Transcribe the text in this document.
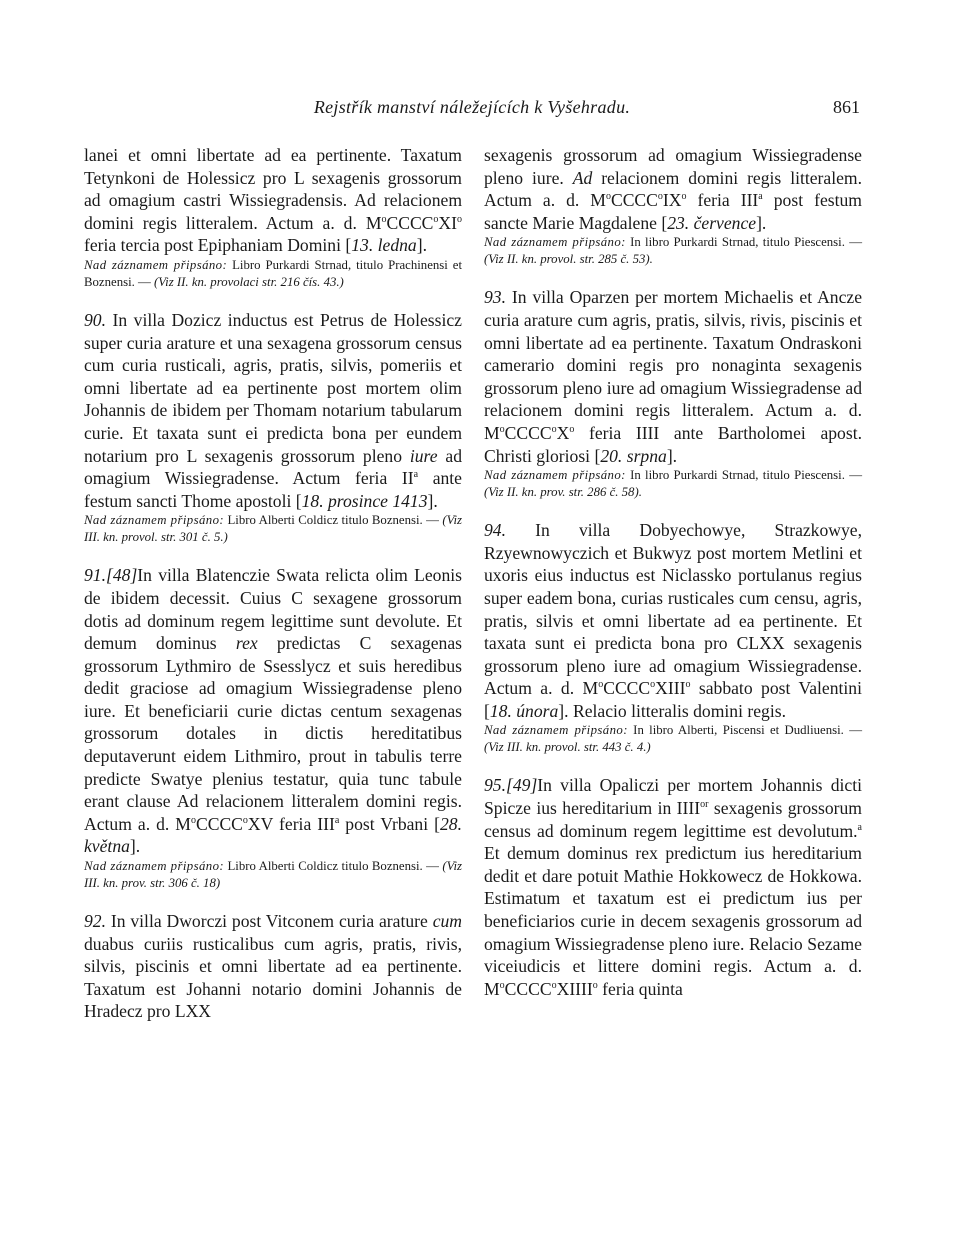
Rejstřík manství náležejících k Vyšehradu.	861

lanei et omni libertate ad ea pertinente. Taxatum Tetynkoni de Holessicz pro L sexagenis grossorum ad omagium castri Wissiegradensis. Ad relacionem domini regis litteralem. Actum a. d. $M^oCCCC^oXI^o$ feria tercia post Epiphaniam Domini [13. ledna].

Nad záznamem připsáno: Libro Purkardi Strnad, titulo Prachinensi et Boznensi. — (Viz II. kn. provolaci str. 216 čís. 43.)

90. In villa Dozicz inductus est Petrus de Holessicz super curia arature et una sexagena grossorum census cum curia rusticali, agris, pratis, silvis, pomeriis et omni libertate ad ea pertinente post mortem olim Johannis de ibidem per Thomam notarium tabularum curie. Et taxata sunt ei predicta bona per eundem notarium pro L sexagenis grossorum pleno iure ad omagium Wissiegradense. Actum feria $II^a$ ante festum sancti Thome apostoli [18. prosince 1413].

Nad záznamem připsáno: Libro Alberti Coldicz titulo Boznensi. — (Viz III. kn. provol. str. 301 č. 5.)

91.[48]In villa Blatenczie Swata relicta olim Leonis de ibidem decessit. Cuius C sexagene grossorum dotis ad dominum regem legittime sunt devolute. Et demum dominus rex predictas C sexagenas grossorum Lythmiro de Ssesslycz et suis heredibus dedit graciose ad omagium Wissiegradense pleno iure. Et beneficiarii curie dictas centum sexagenas grossorum dotales in dictis hereditatibus deputaverunt eidem Lithmiro, prout in tabulis terre predicte Swatye plenius testatur, quia tunc tabule erant clause Ad relacionem litteralem domini regis. Actum a. d. $M^oCCCC^oXV$ feria III$^a$ post Vrbani [28. května].

Nad záznamem připsáno: Libro Alberti Coldicz titulo Boznensi. — (Viz III. kn. prov. str. 306 č. 18)

92. In villa Dworczi post Vitconem curia arature cum duabus curiis rusticalibus cum agris, pratis, rivis, silvis, piscinis et omni libertate ad ea pertinente. Taxatum est Johanni notario domini Johannis de Hradecz pro LXX

sexagenis grossorum ad omagium Wissiegradense pleno iure. Ad relacionem domini regis litteralem. Actum a. d. $M^oCCCC^oIX^o$ feria III$^a$ post festum sancte Marie Magdalene [23. července].

Nad záznamem připsáno: In libro Purkardi Strnad, titulo Piescensi. — (Viz II. kn. provol. str. 285 č. 53).

93. In villa Oparzen per mortem Michaelis et Ancze curia arature cum agris, pratis, silvis, rivis, piscinis et omni libertate ad ea pertinente. Taxatum Ondraskoni camerario domini regis pro nonaginta sexagenis grossorum pleno iure ad omagium Wissiegradense ad relacionem domini regis litteralem. Actum a. d. $M^oCCCC^oX^o$ feria IIII ante Bartholomei apost. Christi gloriosi [20. srpna].

Nad záznamem připsáno: In libro Purkardi Strnad, titulo Piescensi. — (Viz II. kn. prov. str. 286 č. 58).

94. In villa Dobyechowye, Strazkowye, Rzyewnowyczich et Bukwyz post mortem Metlini et uxoris eius inductus est Niclassko portulanus regius super eadem bona, curias rusticales cum censu, agris, pratis, silvis et omni libertate ad ea pertinente. Et taxata sunt ei predicta bona pro CLXX sexagenis grossorum pleno iure ad omagium Wissiegradense. Actum a. d. $M^oCCCC^oXIII^o$ sabbato post Valentini [18. února]. Relacio litteralis domini regis.

Nad záznamem připsáno: In libro Alberti, Piscensi et Dudliuensi. — (Viz III. kn. provol. str. 443 č. 4.)

95.[49]In villa Opaliczi per mortem Johannis dicti Spicze ius hereditarium in $IIII^{or}$ sexagenis grossorum census ad dominum regem legittime est devolutum.$^a$ Et demum dominus rex predictum ius hereditarium dedit et dare potuit Mathie Hokkowecz de Hokkowa. Estimatum et taxatum est ei predictum ius per beneficiarios curie in decem sexagenis grossorum ad omagium Wissiegradense pleno iure. Relacio Sezame viceiudicis et littere domini regis. Actum a. d. $M^oCCCC^oXIIII^o$ feria quinta
